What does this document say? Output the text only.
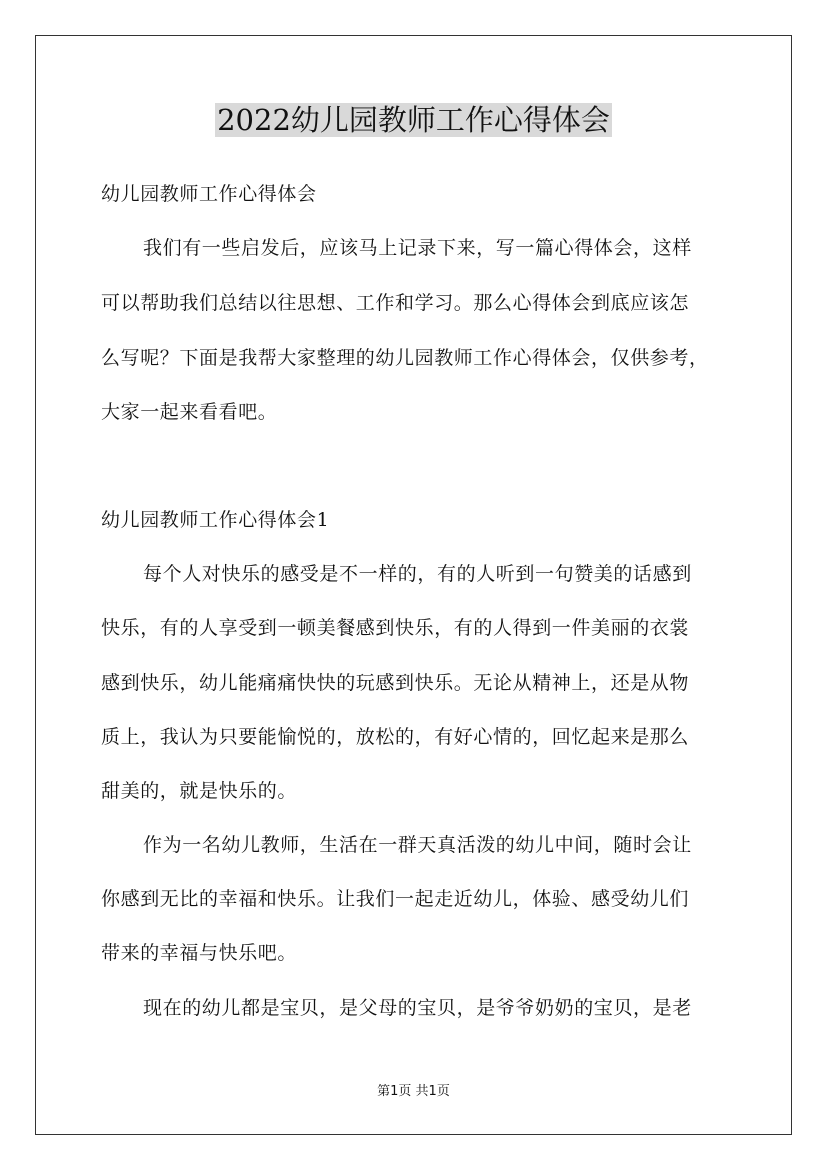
2022幼儿园教师工作心得体会
幼儿园教师工作心得体会
我们有一些启发后，应该马上记录下来，写一篇心得体会，这样
可以帮助我们总结以往思想、工作和学习。那么心得体会到底应该怎
么写呢？下面是我帮大家整理的幼儿园教师工作心得体会，仅供参考，
大家一起来看看吧。
幼儿园教师工作心得体会1
每个人对快乐的感受是不一样的，有的人听到一句赞美的话感到
快乐，有的人享受到一顿美餐感到快乐，有的人得到一件美丽的衣裳
感到快乐，幼儿能痛痛快快的玩感到快乐。无论从精神上，还是从物
质上，我认为只要能愉悦的，放松的，有好心情的，回忆起来是那么
甜美的，就是快乐的。
作为一名幼儿教师，生活在一群天真活泼的幼儿中间，随时会让
你感到无比的幸福和快乐。让我们一起走近幼儿，体验、感受幼儿们
带来的幸福与快乐吧。
现在的幼儿都是宝贝，是父母的宝贝，是爷爷奶奶的宝贝，是老
第1页 共1页
